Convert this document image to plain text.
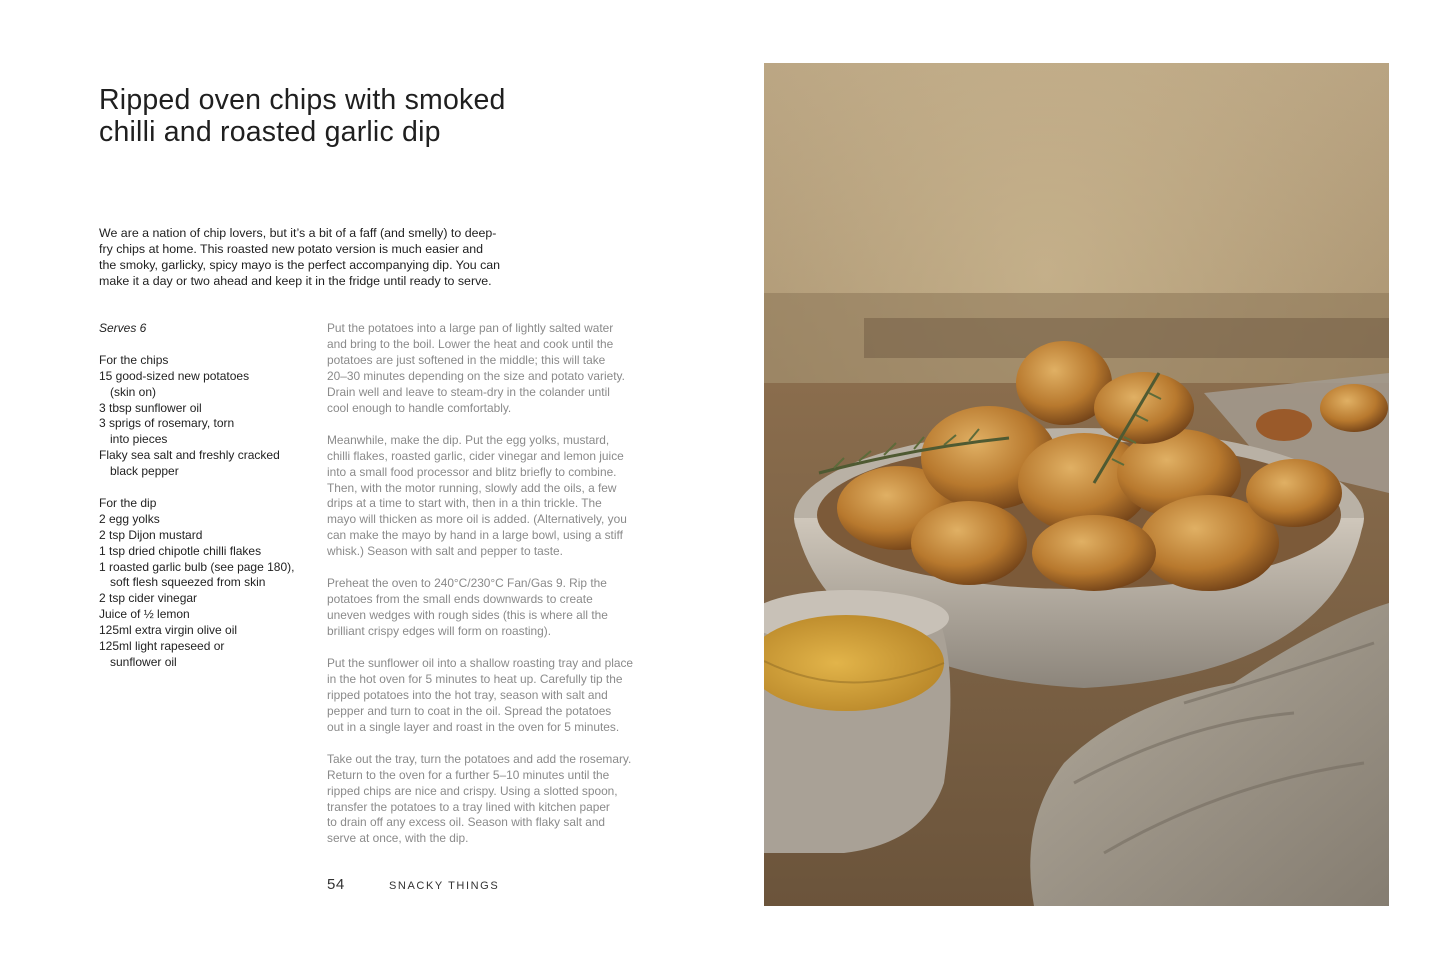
Ripped oven chips with smoked
chilli and roasted garlic dip
We are a nation of chip lovers, but it’s a bit of a faff (and smelly) to deep-
fry chips at home. This roasted new potato version is much easier and
the smoky, garlicky, spicy mayo is the perfect accompanying dip. You can
make it a day or two ahead and keep it in the fridge until ready to serve.
Serves 6
For the chips
15 good-sized new potatoes
(skin on)
3 tbsp sunflower oil
3 sprigs of rosemary, torn
into pieces
Flaky sea salt and freshly cracked
black pepper
For the dip
2 egg yolks
2 tsp Dijon mustard
1 tsp dried chipotle chilli flakes
1 roasted garlic bulb (see page 180),
soft flesh squeezed from skin
2 tsp cider vinegar
Juice of ½ lemon
125ml extra virgin olive oil
125ml light rapeseed or
sunflower oil
Put the potatoes into a large pan of lightly salted water
and bring to the boil. Lower the heat and cook until the
potatoes are just softened in the middle; this will take
20–30 minutes depending on the size and potato variety.
Drain well and leave to steam-dry in the colander until
cool enough to handle comfortably.
Meanwhile, make the dip. Put the egg yolks, mustard,
chilli flakes, roasted garlic, cider vinegar and lemon juice
into a small food processor and blitz briefly to combine.
Then, with the motor running, slowly add the oils, a few
drips at a time to start with, then in a thin trickle. The
mayo will thicken as more oil is added. (Alternatively, you
can make the mayo by hand in a large bowl, using a stiff
whisk.) Season with salt and pepper to taste.
Preheat the oven to 240°C/230°C Fan/Gas 9. Rip the
potatoes from the small ends downwards to create
uneven wedges with rough sides (this is where all the
brilliant crispy edges will form on roasting).
Put the sunflower oil into a shallow roasting tray and place
in the hot oven for 5 minutes to heat up. Carefully tip the
ripped potatoes into the hot tray, season with salt and
pepper and turn to coat in the oil. Spread the potatoes
out in a single layer and roast in the oven for 5 minutes.
Take out the tray, turn the potatoes and add the rosemary.
Return to the oven for a further 5–10 minutes until the
ripped chips are nice and crispy. Using a slotted spoon,
transfer the potatoes to a tray lined with kitchen paper
to drain off any excess oil. Season with flaky salt and
serve at once, with the dip.
54	SNACKY THINGS
